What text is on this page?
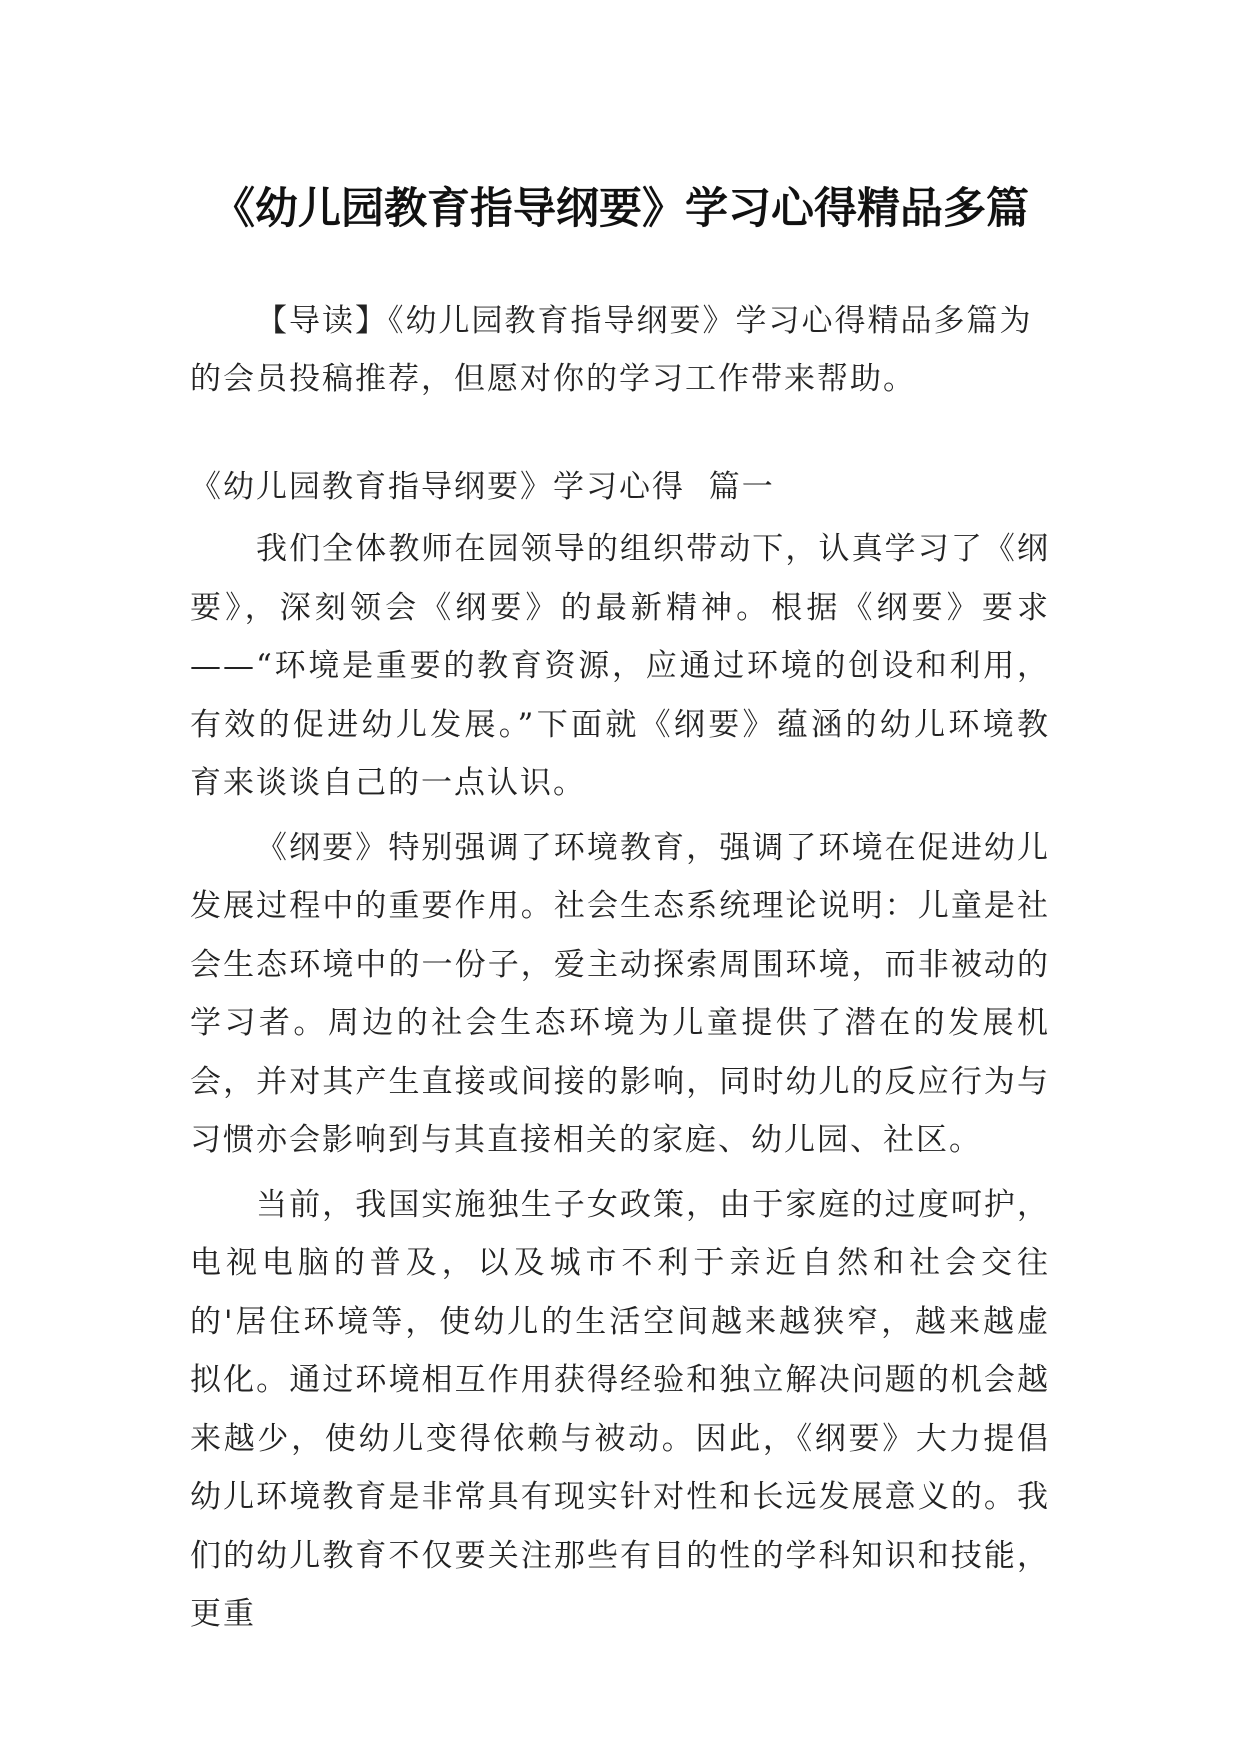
《幼儿园教育指导纲要》学习心得精品多篇

【导读】《幼儿园教育指导纲要》学习心得精品多篇为的会员投稿推荐，但愿对你的学习工作带来帮助。

《幼儿园教育指导纲要》学习心得  篇一

我们全体教师在园领导的组织带动下，认真学习了《纲要》，深刻领会《纲要》的最新精神。根据《纲要》要求——“环境是重要的教育资源，应通过环境的创设和利用，有效的促进幼儿发展。”下面就《纲要》蕴涵的幼儿环境教育来谈谈自己的一点认识。

《纲要》特别强调了环境教育，强调了环境在促进幼儿发展过程中的重要作用。社会生态系统理论说明：儿童是社会生态环境中的一份子，爱主动探索周围环境，而非被动的学习者。周边的社会生态环境为儿童提供了潜在的发展机会，并对其产生直接或间接的影响，同时幼儿的反应行为与习惯亦会影响到与其直接相关的家庭、幼儿园、社区。

当前，我国实施独生子女政策，由于家庭的过度呵护，电视电脑的普及，以及城市不利于亲近自然和社会交往的'居住环境等，使幼儿的生活空间越来越狭窄，越来越虚拟化。通过环境相互作用获得经验和独立解决问题的机会越来越少，使幼儿变得依赖与被动。因此，《纲要》大力提倡幼儿环境教育是非常具有现实针对性和长远发展意义的。我们的幼儿教育不仅要关注那些有目的性的学科知识和技能，更重
